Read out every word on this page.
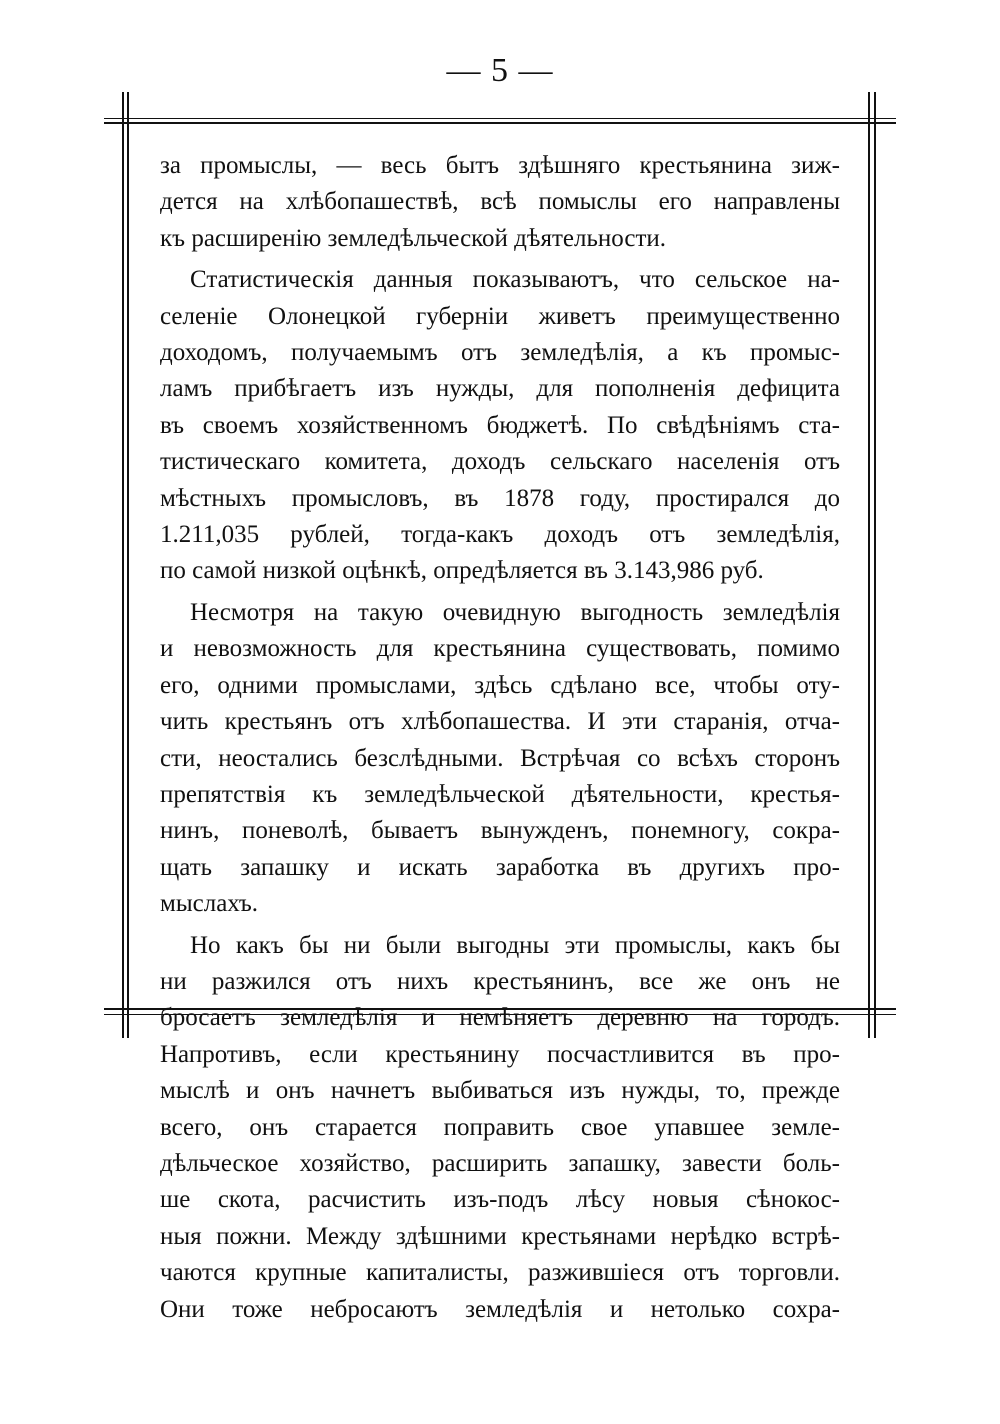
— 5 —
за промыслы, — весь бытъ здѣшняго крестьянина зиж-
дется на хлѣбопашествѣ, всѣ помыслы его направлены
къ расширенію земледѣльческой дѣятельности.
Статистическія данныя показываютъ, что сельское на-
селеніе Олонецкой губерніи живетъ преимущественно
доходомъ, получаемымъ отъ земледѣлія, а къ промыс-
ламъ прибѣгаетъ изъ нужды, для пополненія дефицита
въ своемъ хозяйственномъ бюджетѣ. По свѣдѣніямъ ста-
тистическаго комитета, доходъ сельскаго населенія отъ
мѣстныхъ промысловъ, въ 1878 году, простирался до
1.211,035 рублей, тогда-какъ доходъ отъ земледѣлія,
по самой низкой оцѣнкѣ, опредѣляется въ 3.143,986 руб.
Несмотря на такую очевидную выгодность земледѣлія
и невозможность для крестьянина существовать, помимо
его, одними промыслами, здѣсь сдѣлано все, чтобы оту-
чить крестьянъ отъ хлѣбопашества. И эти старанія, отча-
сти, неостались безслѣдными. Встрѣчая со всѣхъ сторонъ
препятствія къ земледѣльческой дѣятельности, крестья-
нинъ, поневолѣ, бываетъ вынужденъ, понемногу, сокра-
щать запашку и искать заработка въ другихъ про-
мыслахъ.
Но какъ бы ни были выгодны эти промыслы, какъ бы
ни разжился отъ нихъ крестьянинъ, все же онъ не
бросаетъ земледѣлія и немѣняетъ деревню на городъ.
Напротивъ, если крестьянину посчастливится въ про-
мыслѣ и онъ начнетъ выбиваться изъ нужды, то, прежде
всего, онъ старается поправить свое упавшее земле-
дѣльческое хозяйство, расширить запашку, завести боль-
ше скота, расчистить изъ-подъ лѣсу новыя сѣнокос-
ныя пожни. Между здѣшними крестьянами нерѣдко встрѣ-
чаются крупные капиталисты, разжившіеся отъ торговли.
Они тоже небросаютъ земледѣлія и нетолько сохра-
